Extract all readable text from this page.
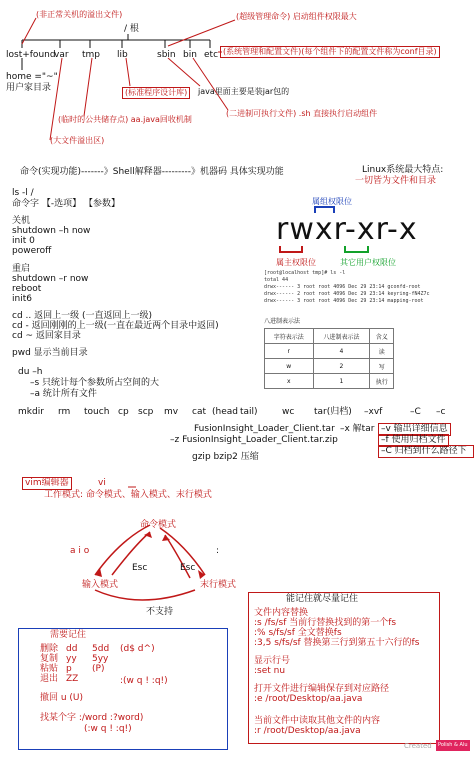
/ 根
lost+found
var tmp lib	sbin bin etc
home ="~"
用户家目录
(非正常关机的溢出文件)	(超级管理命令) 启动组件权限最大
(系统管理和配置文件)(每个组件下的配置文件称为conf目录)
(标准程序设计库)	java里面主要是装jar包的
(二进制可执行文件) .sh 直接执行启动组件
(临时的公共储存点) aa.java回收机制
(大文件溢出区)
命令(实现功能)-------》Shell解释器---------》机器码 具体实现功能	Linux系统最大特点:
一切皆为文件和目录
ls -l /
命令字 【-选项】 【参数】
关机
shutdown –h now
init 0
poweroff
重启
shutdown –r now
reboot
init6
cd .. 返回上一级 (一直返回上一级)
cd - 返回刚刚的上一级(一直在最近两个目录中返回)
cd ~ 返回家目录
pwd 显示当前目录
du –h
–s 只统计每个参数所占空间的大
–a 统计所有文件
mkdir rm touch cp scp mv cat (head tail)	wc tar(归档) –xvf	–C –c
FusionInsight_Loader_Client.tar
–z FusionInsight_Loader_Client.tar.zip
–x 解tar –v 输出详细信息
–f 使用归档文件
–C 归档到什么路径下
gzip bzip2 压缩
属组权限位
rwxr-xr-x
属主权限位	其它用户权限位
[root@localhost tmp]# ls -l
total 44
drwx------ 3 root root 4096 Dec 29 23:14 gconfd-root
drwx------ 2 root root 4096 Dec 29 23:14 keyring-fN4Z7c
drwx------ 3 root root 4096 Dec 29 23:14 mapping-root
八进制表示法
字符表示法	八进制表示法	含义
r	4	读
w	2	写
x	1	执行
vim编辑器	vi
工作模式: 命令模式、输入模式、末行模式
命令模式
a i o
Esc	Esc
:
输入模式	末行模式
不支持
需要记住
删除 dd 5dd (d$ d^)
复制 yy 5yy
粘贴 p (P)
退出 ZZ	:(w q ! :q!)
撤回 u (U)
找某个字 :/word :?word)
(:w q ! :q!)
能记住就尽量记住
文件内容替换
:s /fs/sf 当前行替换找到的第一个fs
:% s/fs/sf 全文替换fs
:3,5 s/fs/sf 替换第三行到第五十六行的fs
显示行号
:set nu
打开文件进行编辑保存到对应路径
:e /root/Desktop/aa.java
当前文件中读取其他文件的内容
:r /root/Desktop/aa.java
Created	Polish & Alu
